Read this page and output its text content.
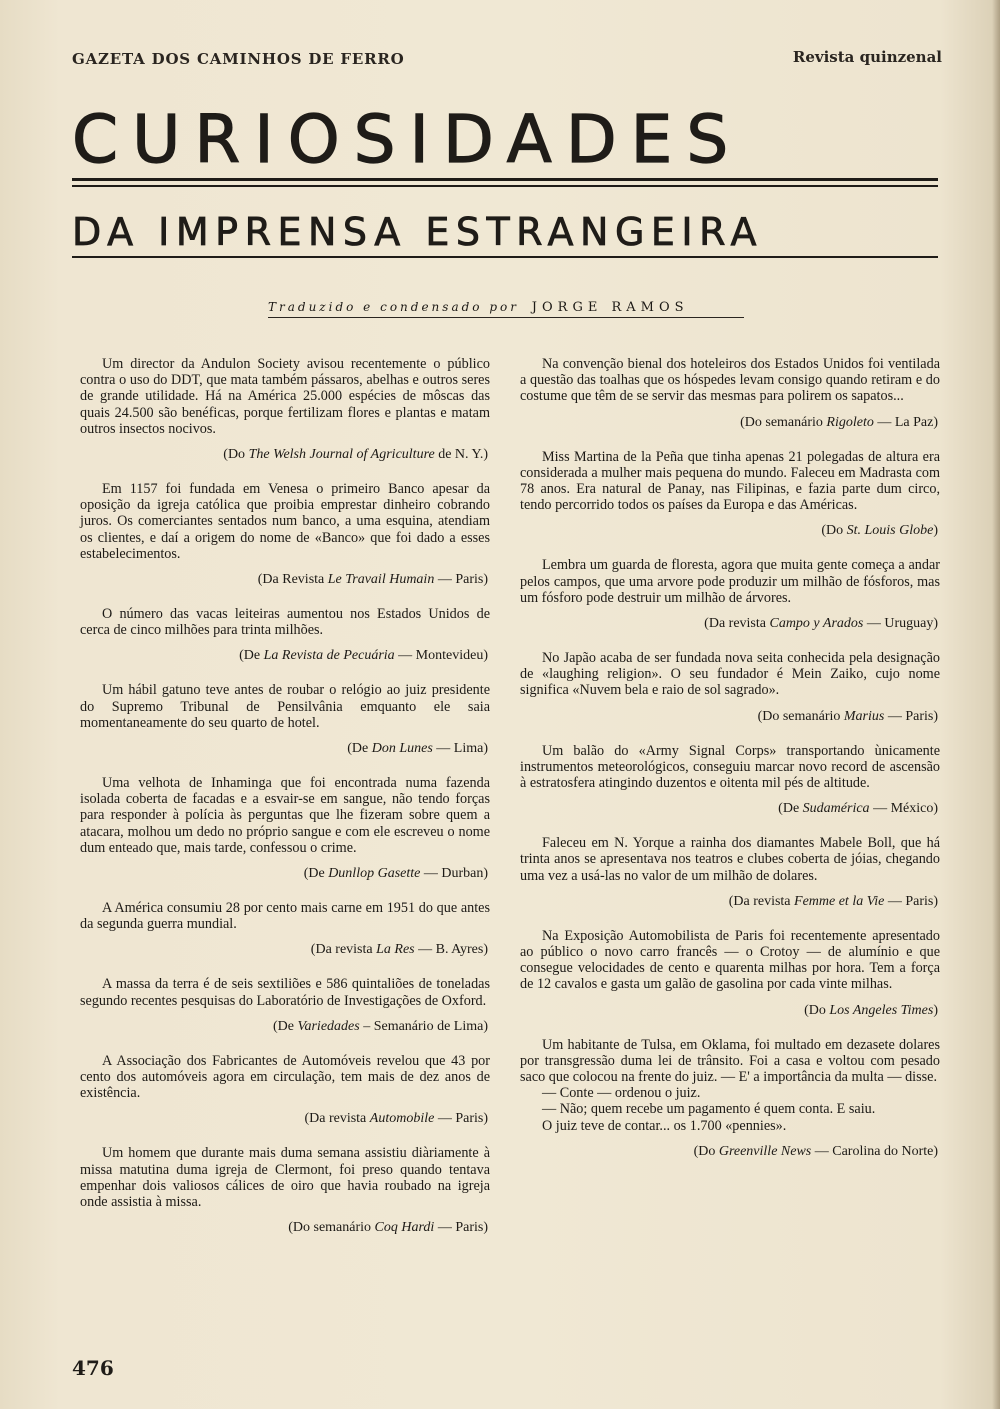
GAZETA DOS CAMINHOS DE FERRO	Revista quinzenal
CURIOSIDADES
DA IMPRENSA ESTRANGEIRA
Traduzido e condensado por JORGE RAMOS

Um director da Andulon Society avisou recentemente o público contra o uso do DDT, que mata também pássaros, abelhas e outros seres de grande utilidade. Há na América 25.000 espécies de môscas das quais 24.500 são benéficas, porque fertilizam flores e plantas e matam outros insectos nocivos.

(Do The Welsh Journal of Agriculture de N. Y.)

Em 1157 foi fundada em Venesa o primeiro Banco apesar da oposição da igreja católica que proibia emprestar dinheiro cobrando juros. Os comerciantes sentados num banco, a uma esquina, atendiam os clientes, e daí a origem do nome de «Banco» que foi dado a esses estabelecimentos.

(Da Revista Le Travail Humain — Paris)

O número das vacas leiteiras aumentou nos Estados Unidos de cerca de cinco milhões para trinta milhões.

(De La Revista de Pecuária — Montevideu)

Um hábil gatuno teve antes de roubar o relógio ao juiz presidente do Supremo Tribunal de Pensilvânia emquanto ele saia momentaneamente do seu quarto de hotel.

(De Don Lunes — Lima)

Uma velhota de Inhaminga que foi encontrada numa fazenda isolada coberta de facadas e a esvair-se em sangue, não tendo forças para responder à polícia às perguntas que lhe fizeram sobre quem a atacara, molhou um dedo no próprio sangue e com ele escreveu o nome dum enteado que, mais tarde, confessou o crime.

(De Dunllop Gasette — Durban)

A América consumiu 28 por cento mais carne em 1951 do que antes da segunda guerra mundial.

(Da revista La Res — B. Ayres)

A massa da terra é de seis sextiliões e 586 quintaliões de toneladas segundo recentes pesquisas do Laboratório de Investigações de Oxford.

(De Variedades – Semanário de Lima)

A Associação dos Fabricantes de Automóveis revelou que 43 por cento dos automóveis agora em circulação, tem mais de dez anos de existência.

(Da revista Automobile — Paris)

Um homem que durante mais duma semana assistiu diàriamente à missa matutina duma igreja de Clermont, foi preso quando tentava empenhar dois valiosos cálices de oiro que havia roubado na igreja onde assistia à missa.

(Do semanário Coq Hardi — Paris)

Na convenção bienal dos hoteleiros dos Estados Unidos foi ventilada a questão das toalhas que os hóspedes levam consigo quando retiram e do costume que têm de se servir das mesmas para polirem os sapatos...

(Do semanário Rigoleto — La Paz)

Miss Martina de la Peña que tinha apenas 21 polegadas de altura era considerada a mulher mais pequena do mundo. Faleceu em Madrasta com 78 anos. Era natural de Panay, nas Filipinas, e fazia parte dum circo, tendo percorrido todos os países da Europa e das Américas.

(Do St. Louis Globe)

Lembra um guarda de floresta, agora que muita gente começa a andar pelos campos, que uma arvore pode produzir um milhão de fósforos, mas um fósforo pode destruir um milhão de árvores.

(Da revista Campo y Arados — Uruguay)

No Japão acaba de ser fundada nova seita conhecida pela designação de «laughing religion». O seu fundador é Mein Zaiko, cujo nome significa «Nuvem bela e raio de sol sagrado».

(Do semanário Marius — Paris)

Um balão do «Army Signal Corps» transportando ùnicamente instrumentos meteorológicos, conseguiu marcar novo record de ascensão à estratosfera atingindo duzentos e oitenta mil pés de altitude.

(De Sudamérica — México)

Faleceu em N. Yorque a rainha dos diamantes Mabele Boll, que há trinta anos se apresentava nos teatros e clubes coberta de jóias, chegando uma vez a usá-las no valor de um milhão de dolares.

(Da revista Femme et la Vie — Paris)

Na Exposição Automobilista de Paris foi recentemente apresentado ao público o novo carro francês — o Crotoy — de alumínio e que consegue velocidades de cento e quarenta milhas por hora. Tem a força de 12 cavalos e gasta um galão de gasolina por cada vinte milhas.

(Do Los Angeles Times)

Um habitante de Tulsa, em Oklama, foi multado em dezasete dolares por transgressão duma lei de trânsito. Foi a casa e voltou com pesado saco que colocou na frente do juiz. — E' a importância da multa — disse.

— Conte — ordenou o juiz.

— Não; quem recebe um pagamento é quem conta. E saiu.

O juiz teve de contar... os 1.700 «pennies».

(Do Greenville News — Carolina do Norte)
476
